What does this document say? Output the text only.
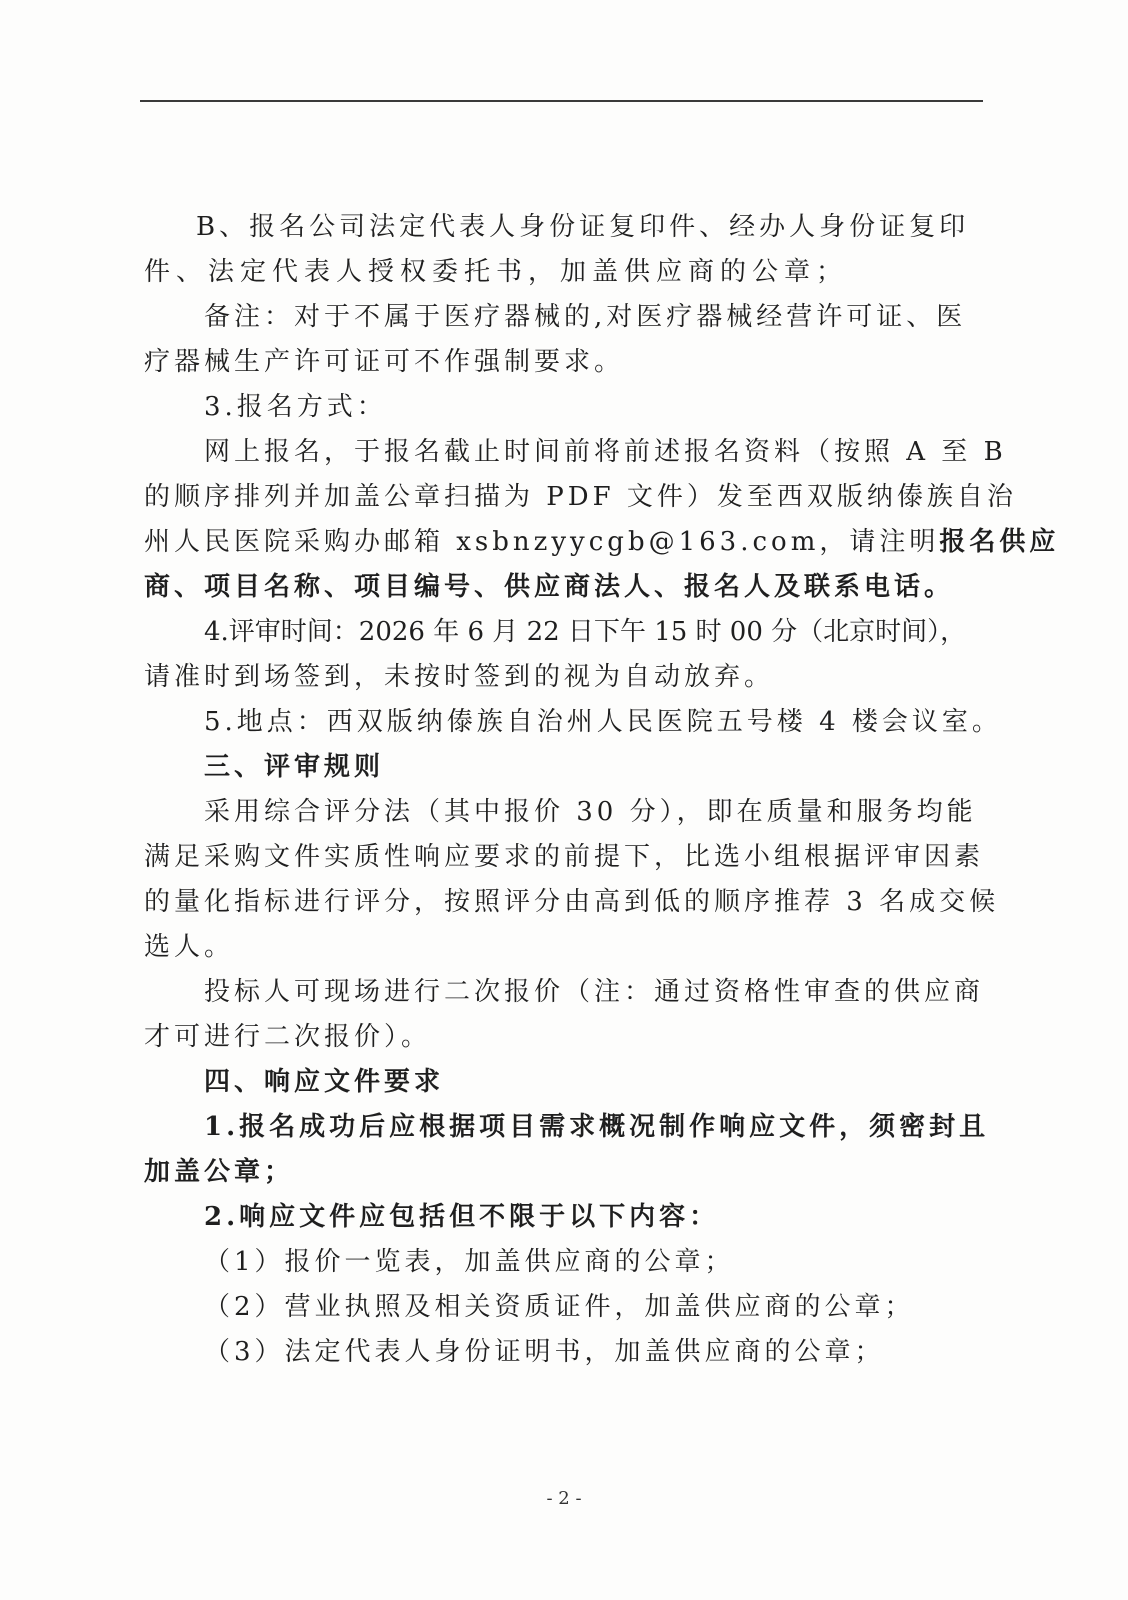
B、报名公司法定代表人身份证复印件、经办人身份证复印
件、法定代表人授权委托书，加盖供应商的公章；
备注：对于不属于医疗器械的,对医疗器械经营许可证、医
疗器械生产许可证可不作强制要求。
3.报名方式：
网上报名，于报名截止时间前将前述报名资料（按照 A 至 B
的顺序排列并加盖公章扫描为 PDF 文件）发至西双版纳傣族自治
州人民医院采购办邮箱 xsbnzyycgb@163.com，请注明报名供应
商、项目名称、项目编号、供应商法人、报名人及联系电话。
4.评审时间：2026 年 6 月 22 日下午 15 时 00 分（北京时间），
请准时到场签到，未按时签到的视为自动放弃。
5.地点：西双版纳傣族自治州人民医院五号楼 4 楼会议室。
三、评审规则
采用综合评分法（其中报价 30 分），即在质量和服务均能
满足采购文件实质性响应要求的前提下，比选小组根据评审因素
的量化指标进行评分，按照评分由高到低的顺序推荐 3 名成交候
选人。
投标人可现场进行二次报价（注：通过资格性审查的供应商
才可进行二次报价）。
四、响应文件要求
1.报名成功后应根据项目需求概况制作响应文件，须密封且
加盖公章；
2.响应文件应包括但不限于以下内容：
（1）报价一览表，加盖供应商的公章；
（2）营业执照及相关资质证件，加盖供应商的公章；
（3）法定代表人身份证明书，加盖供应商的公章；
- 2 -
